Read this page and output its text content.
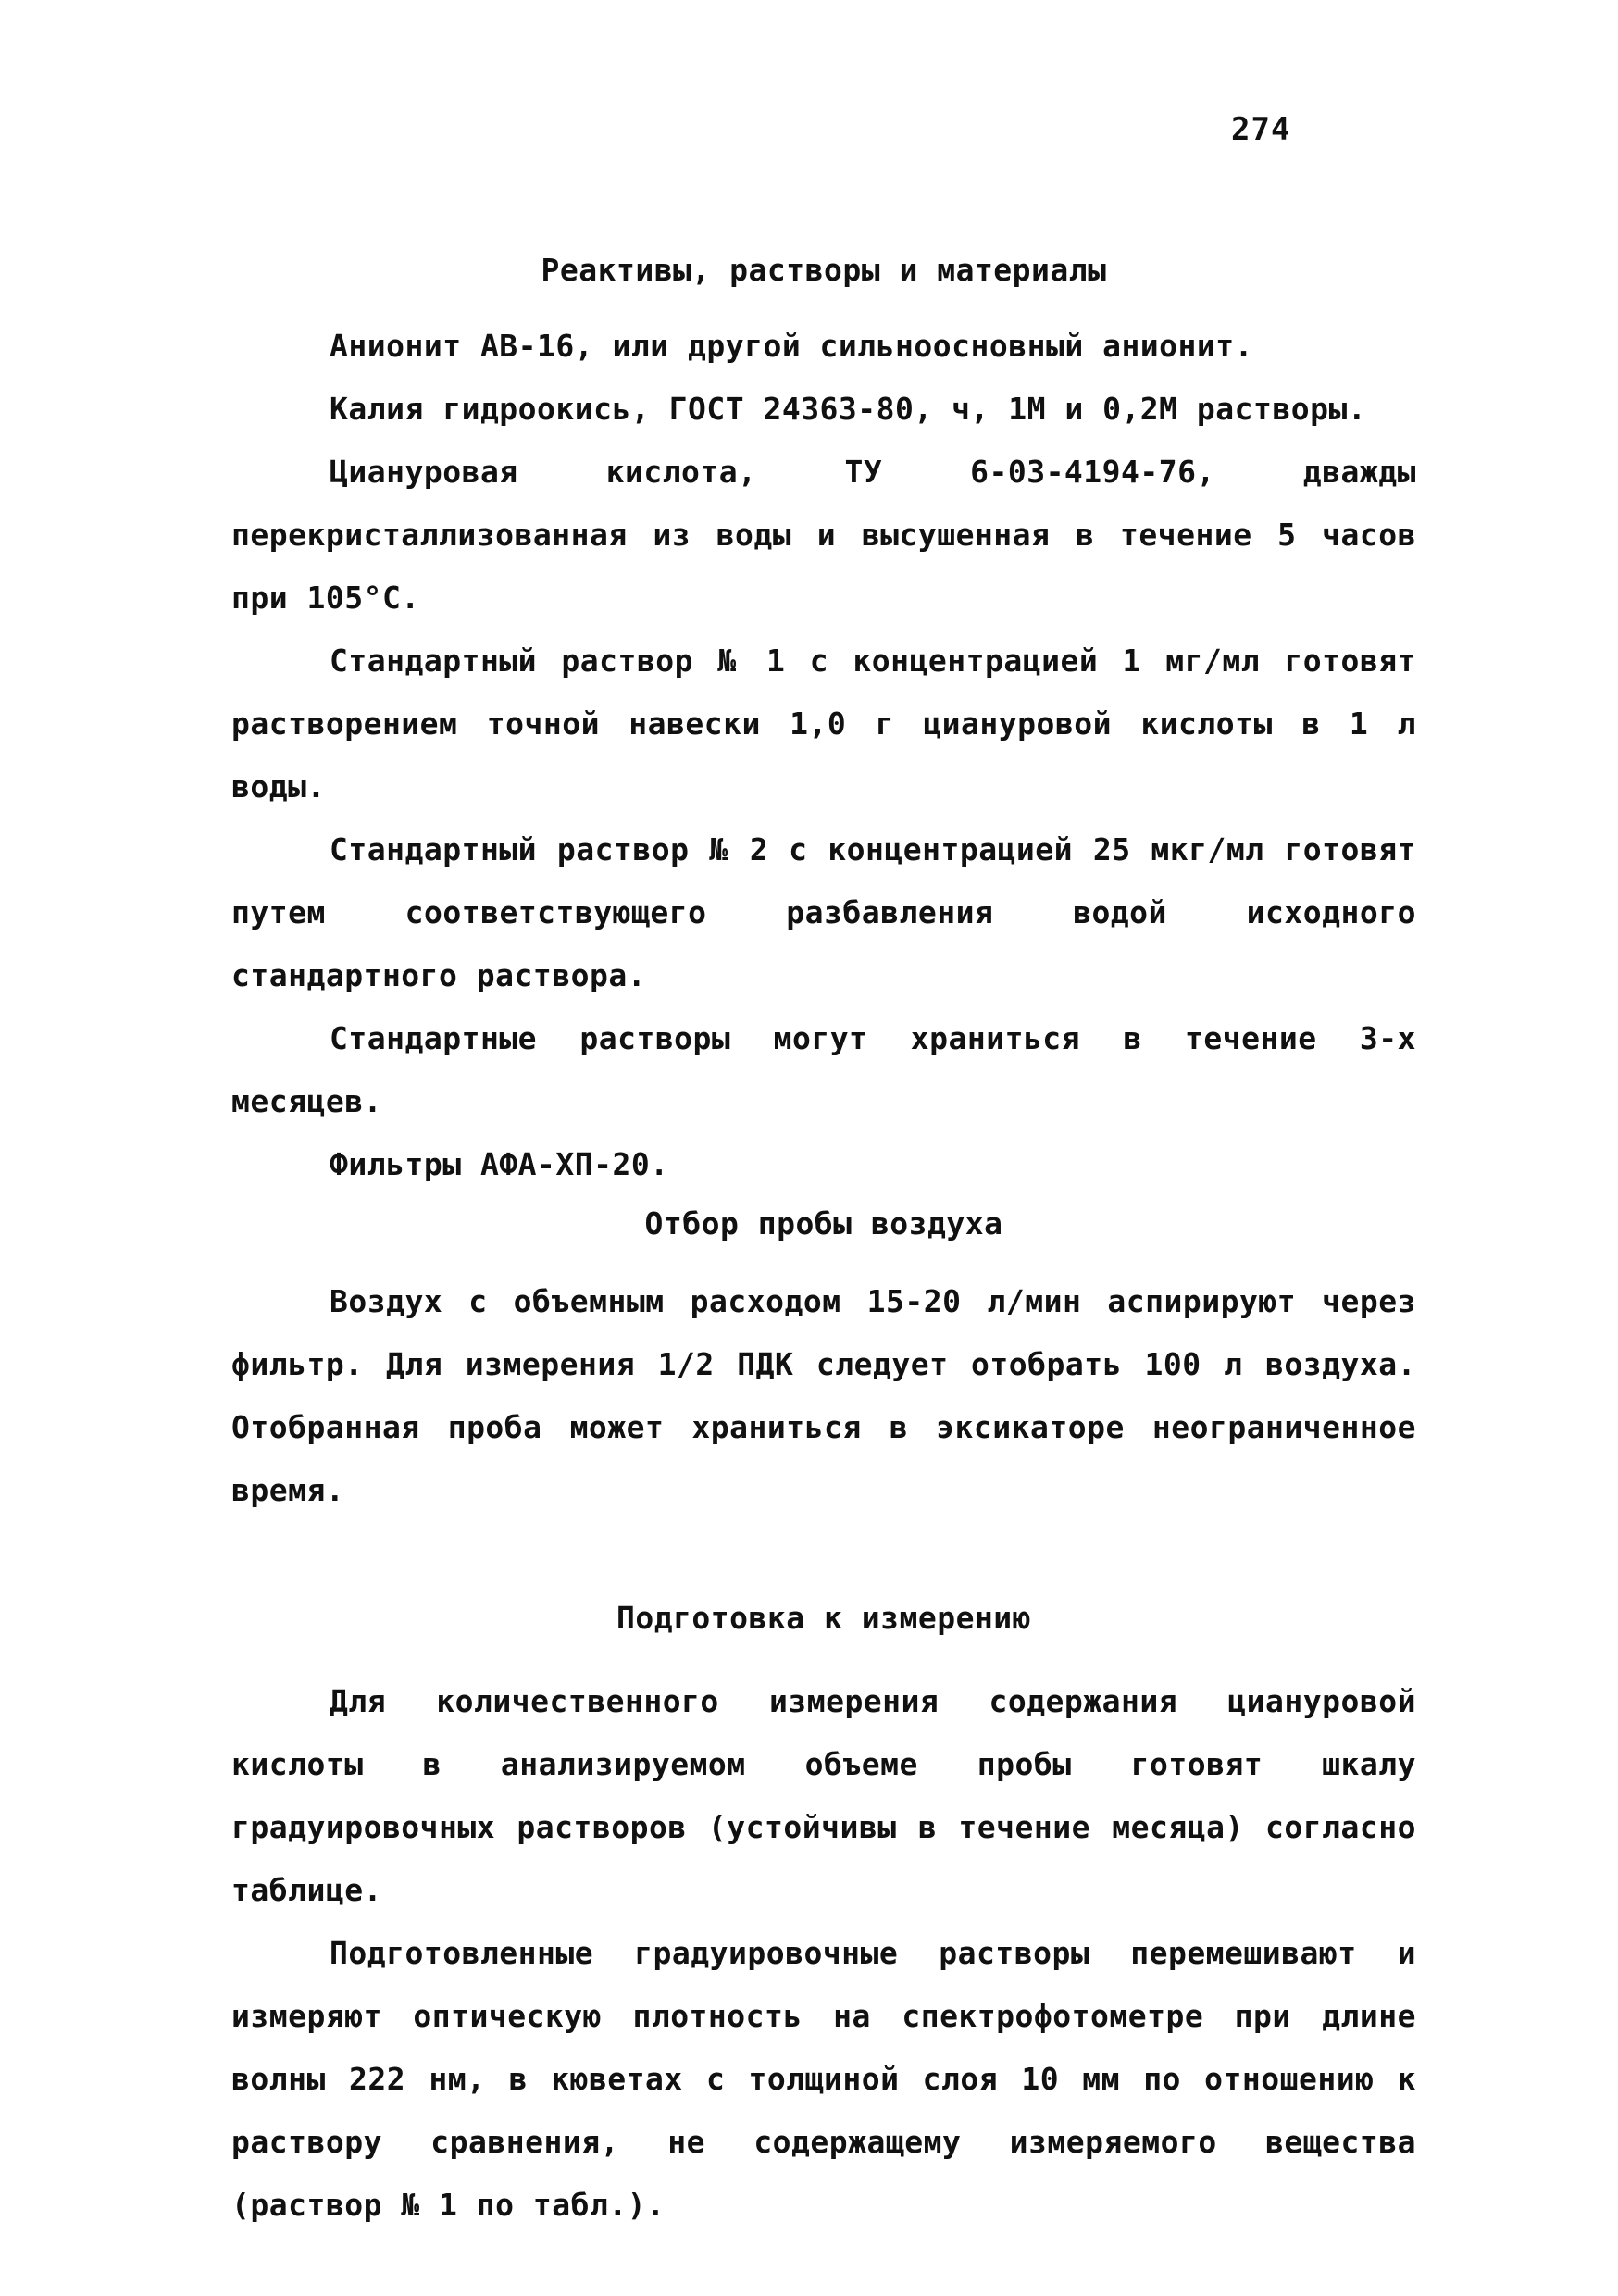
274
Реактивы, растворы и материалы

Анионит АВ-16, или другой сильноосновный анионит.

Калия гидроокись, ГОСТ 24363-80, ч, 1М и 0,2М растворы.

Циануровая кислота, ТУ 6-03-4194-76, дважды перекристаллизованная из воды и высушенная в течение 5 часов при 105°С.

Стандартный раствор № 1 с концентрацией 1 мг/мл готовят растворением точной навески 1,0 г циануровой кислоты в 1 л воды.

Стандартный раствор № 2 с концентрацией 25 мкг/мл готовят путем соответствующего разбавления водой исходного стандартного раствора.

Стандартные растворы могут храниться в течение 3-х месяцев.

Фильтры АФА-ХП-20.

Отбор пробы воздуха

Воздух с объемным расходом 15-20 л/мин аспирируют через фильтр. Для измерения 1/2 ПДК следует отобрать 100 л воздуха. Отобранная проба может храниться в эксикаторе неограниченное время.

Подготовка к измерению

Для количественного измерения содержания циануровой кислоты в анализируемом объеме пробы готовят шкалу градуировочных растворов (устойчивы в течение месяца) согласно таблице.

Подготовленные градуировочные растворы перемешивают и измеряют оптическую плотность на спектрофотометре при длине волны 222 нм, в кюветах с толщиной слоя 10 мм по отношению к раствору сравнения, не содержащему измеряемого вещества (раствор № 1 по табл.).
